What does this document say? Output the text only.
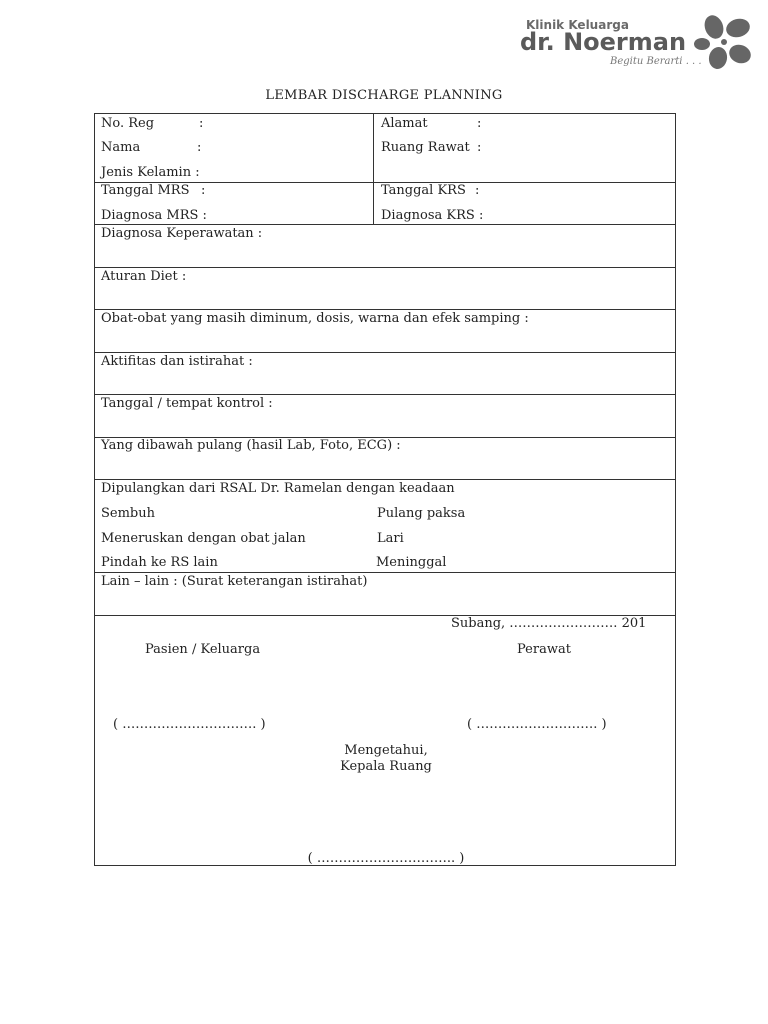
Klinik Keluarga
dr. Noerman
Begitu Berarti . . .
LEMBAR DISCHARGE PLANNING
No. Reg	:
Nama	:
Jenis Kelamin :
Alamat	:
Ruang Rawat :
Tanggal MRS :
Diagnosa MRS :
Tanggal KRS :
Diagnosa KRS :
Diagnosa Keperawatan :
Aturan Diet :
Obat-obat yang masih diminum, dosis, warna dan efek samping :
Aktifitas dan istirahat :
Tanggal / tempat kontrol :
Yang dibawah pulang (hasil Lab, Foto, ECG) :
Dipulangkan dari RSAL Dr. Ramelan dengan keadaan
Sembuh	Pulang paksa
Meneruskan dengan obat jalan	Lari
Pindah ke RS lain	Meninggal
Lain – lain : (Surat keterangan istirahat)
Subang, ……………………. 201
Pasien / Keluarga	Perawat
( …………………………. )	( ………………………. )
Mengetahui,
Kepala Ruang
( ………………………….. )
